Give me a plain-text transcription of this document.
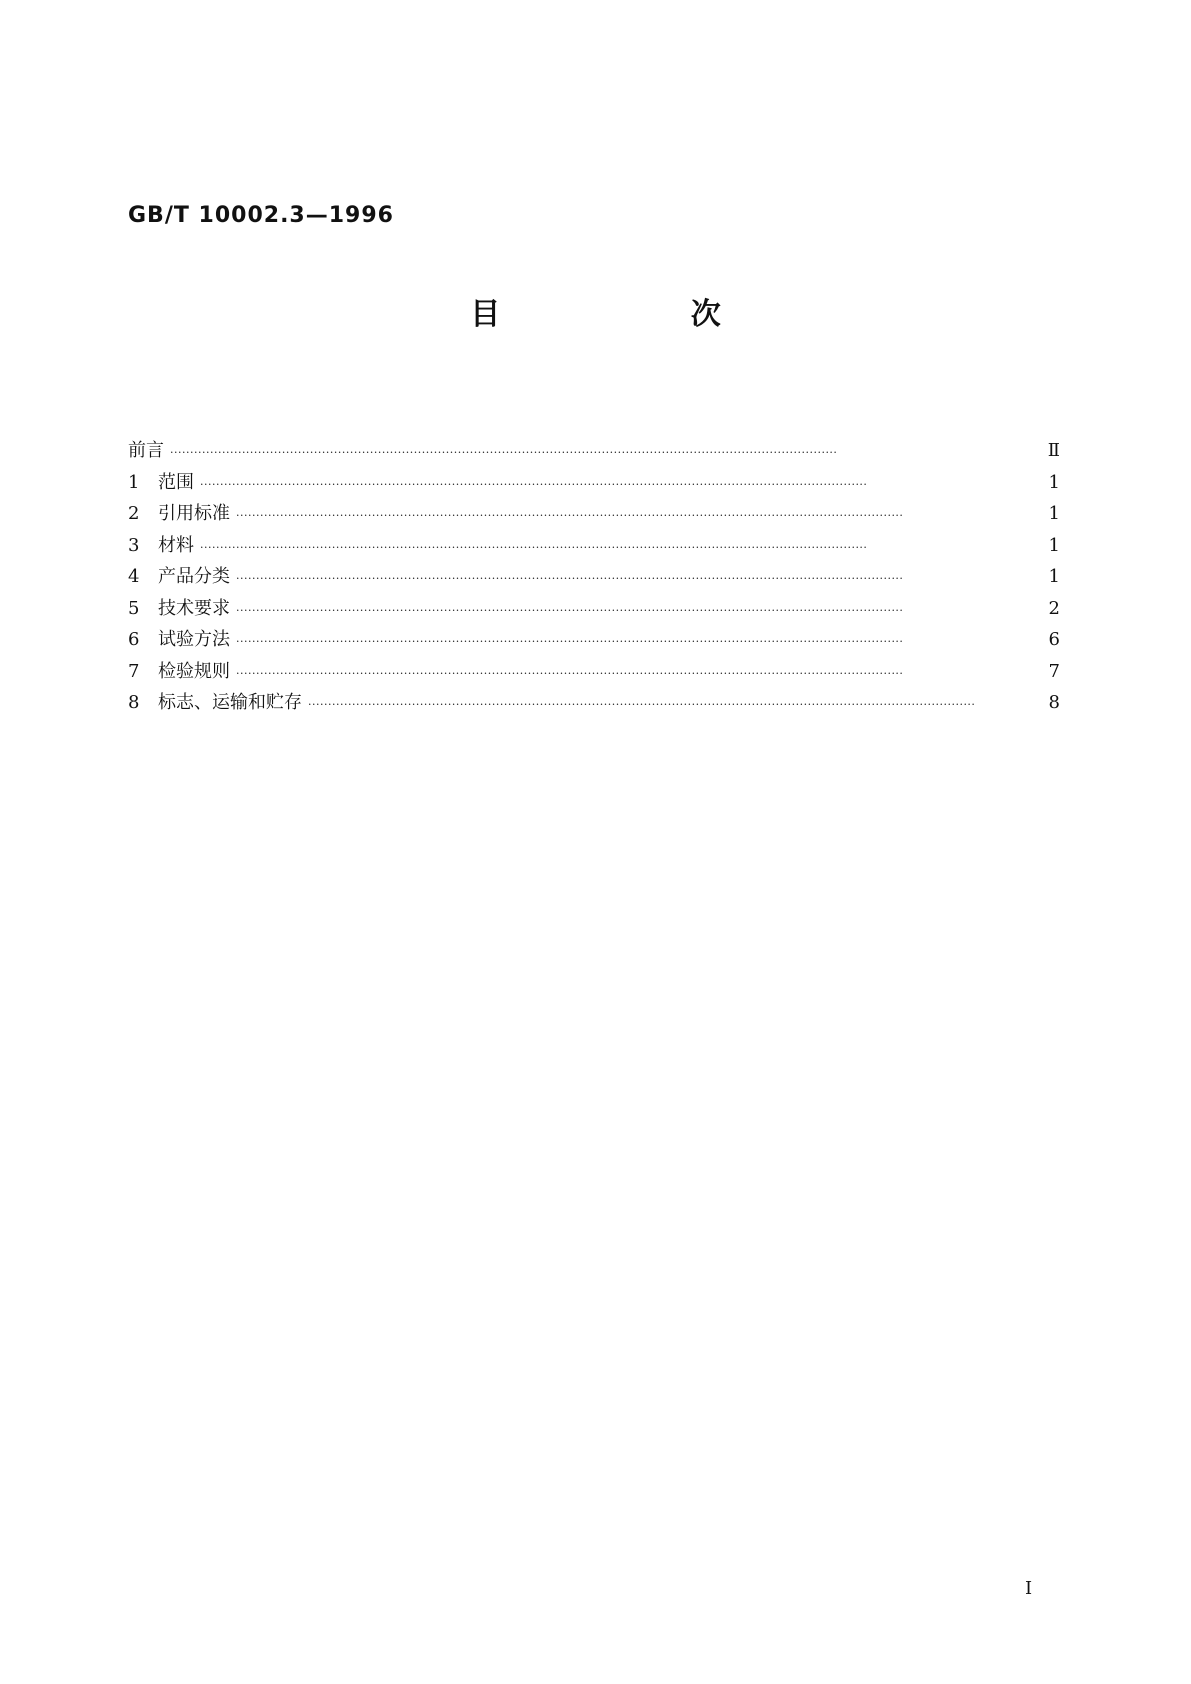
GB/T 10002.3—1996
目 次
前言 ·····	Ⅱ
1	范围 ·····	1
2	引用标准 ·····	1
3	材料 ·····	1
4	产品分类 ·····	1
5	技术要求 ·····	2
6	试验方法 ·····	6
7	检验规则 ·····	7
8	标志、运输和贮存 ·····	8
I
